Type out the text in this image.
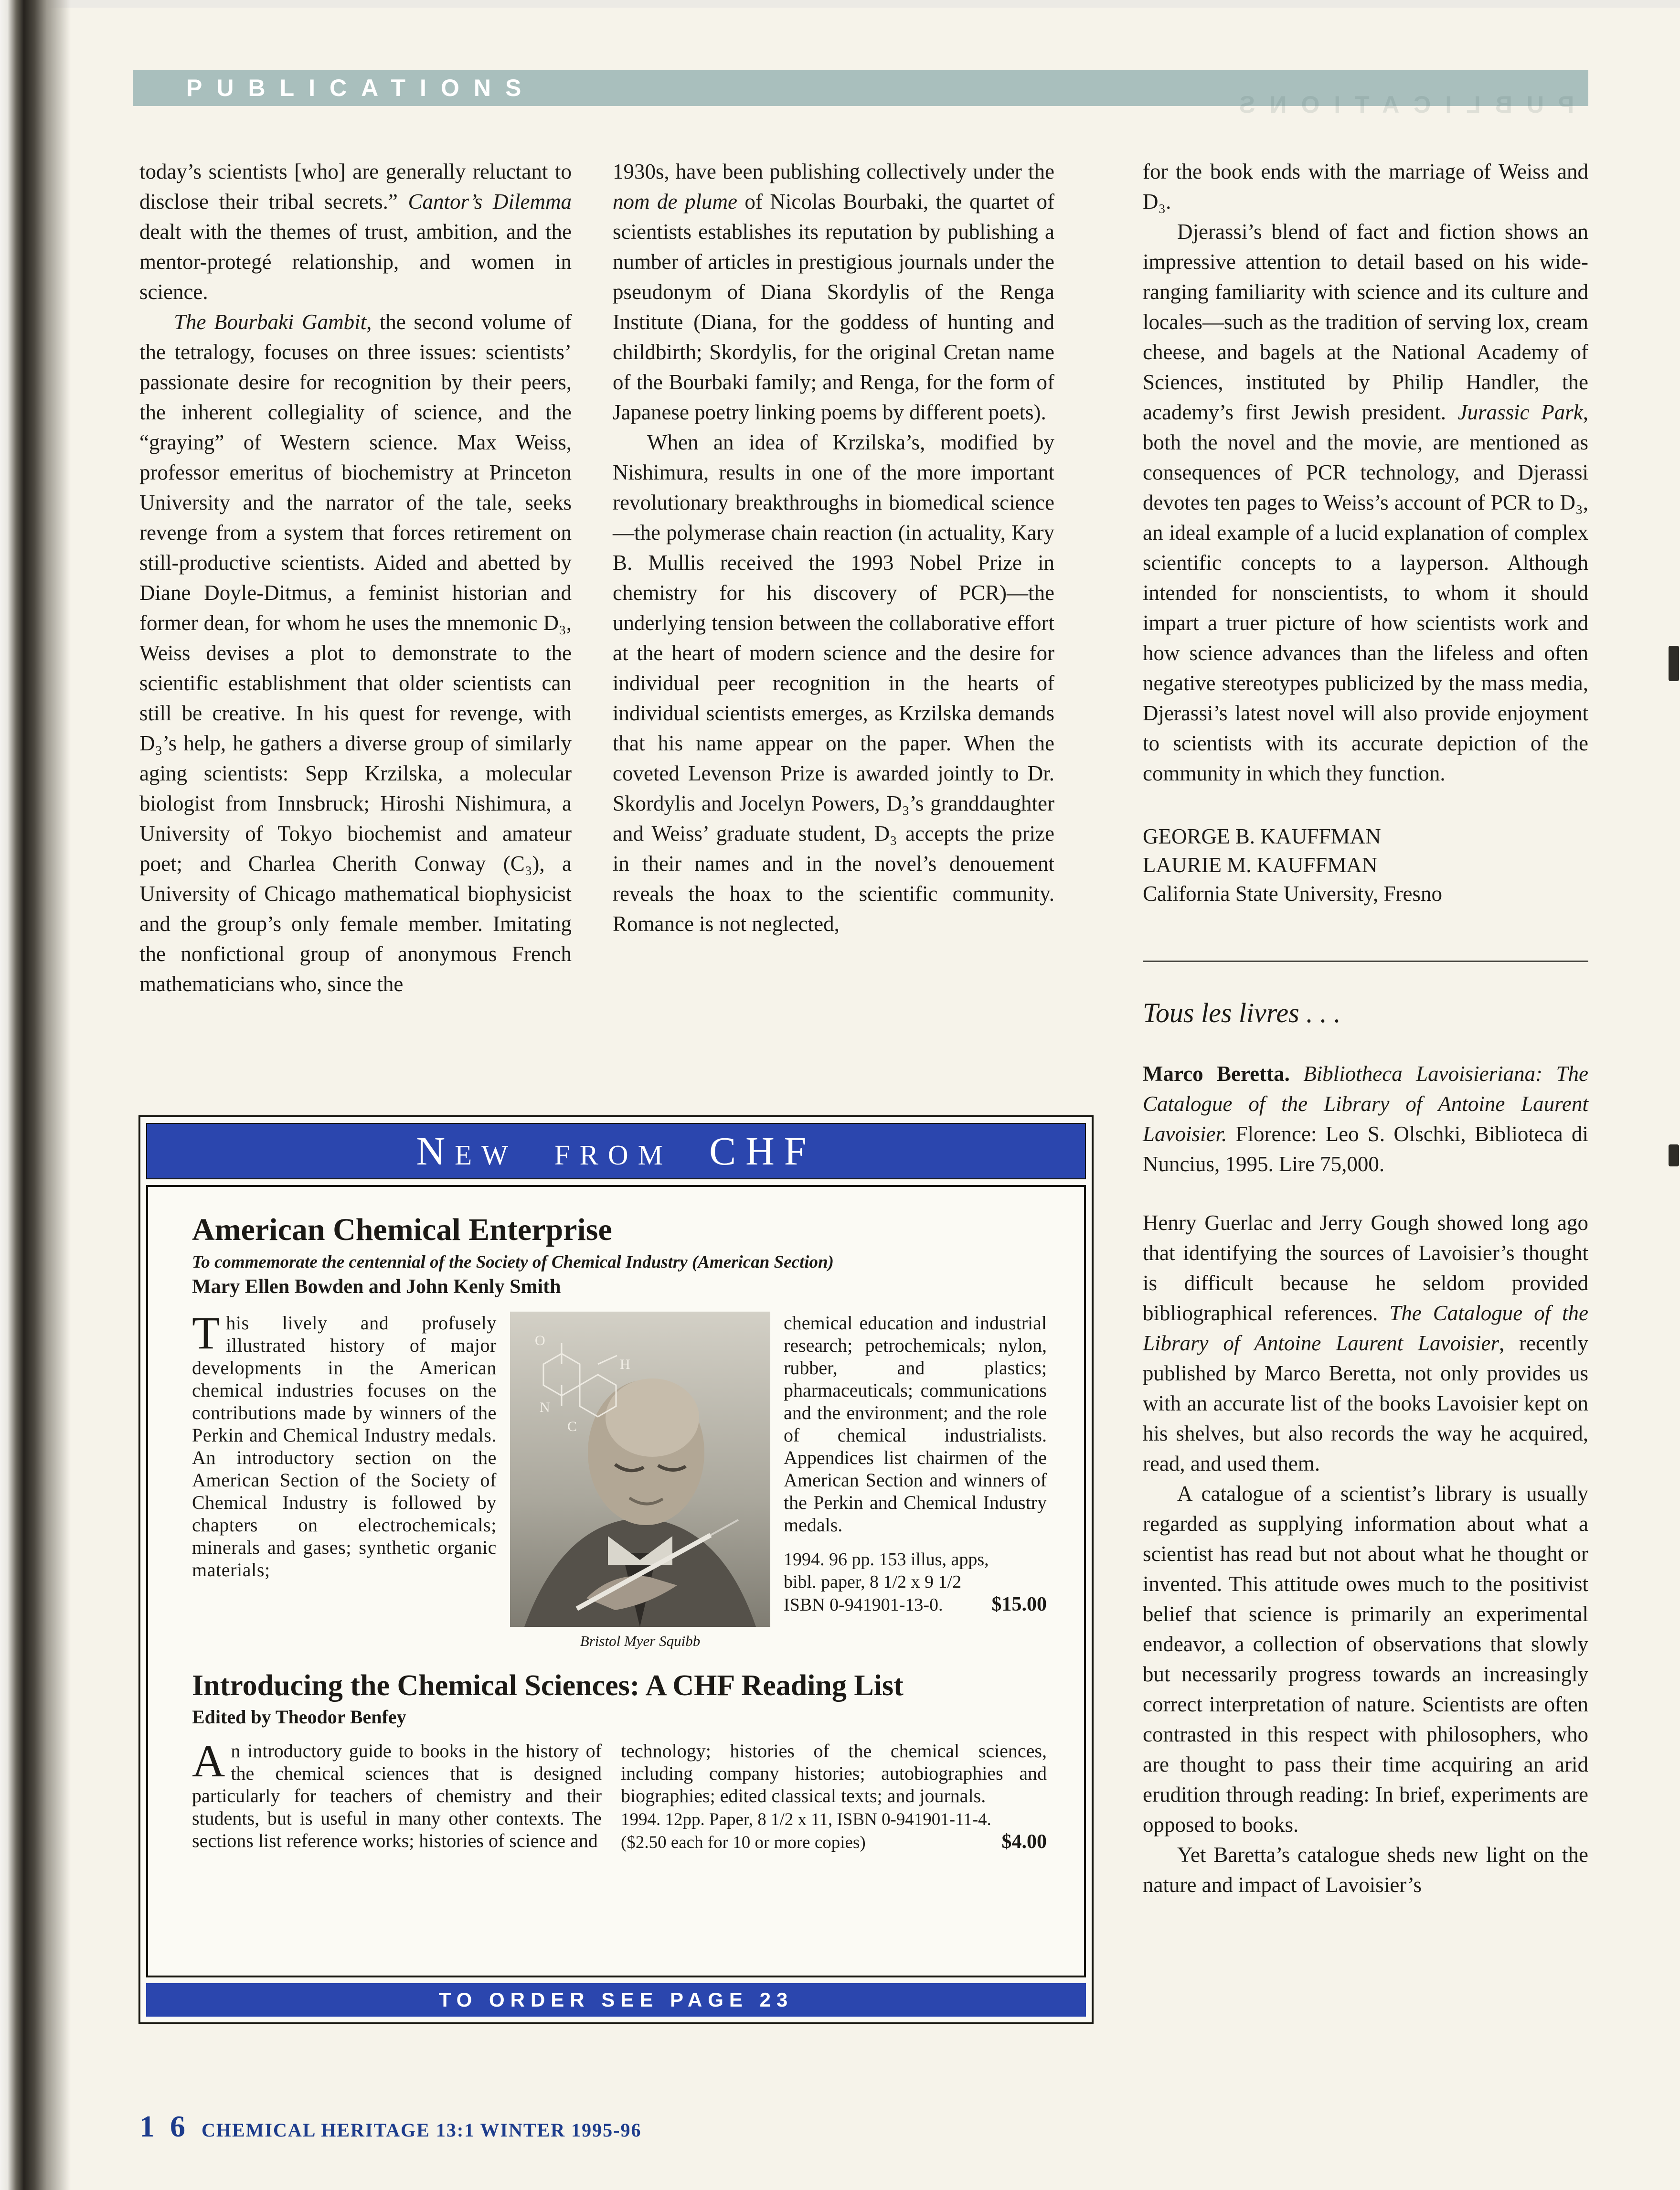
PUBLICATIONS
PUBLICATIONS

today’s scientists [who] are generally reluctant to disclose their tribal secrets.” Cantor’s Dilemma dealt with the themes of trust, ambition, and the mentor-protegé relationship, and women in science.

The Bourbaki Gambit, the second volume of the tetralogy, focuses on three issues: scientists’ passionate desire for recognition by their peers, the inherent collegiality of science, and the “graying” of Western science. Max Weiss, professor emeritus of biochemistry at Princeton University and the narrator of the tale, seeks revenge from a system that forces retirement on still-productive scientists. Aided and abetted by Diane Doyle-Ditmus, a feminist historian and former dean, for whom he uses the mnemonic D₃, Weiss devises a plot to demonstrate to the scientific establishment that older scientists can still be creative. In his quest for revenge, with D₃’s help, he gathers a diverse group of similarly aging scientists: Sepp Krzilska, a molecular biologist from Innsbruck; Hiroshi Nishimura, a University of Tokyo biochemist and amateur poet; and Charlea Cherith Conway (C₃), a University of Chicago mathematical biophysicist and the group’s only female member. Imitating the nonfictional group of anonymous French mathematicians who, since the

1930s, have been publishing collectively under the nom de plume of Nicolas Bourbaki, the quartet of scientists establishes its reputation by publishing a number of articles in prestigious journals under the pseudonym of Diana Skordylis of the Renga Institute (Diana, for the goddess of hunting and childbirth; Skordylis, for the original Cretan name of the Bourbaki family; and Renga, for the form of Japanese poetry linking poems by different poets).

When an idea of Krzilska’s, modified by Nishimura, results in one of the more important revolutionary breakthroughs in biomedical science—the polymerase chain reaction (in actuality, Kary B. Mullis received the 1993 Nobel Prize in chemistry for his discovery of PCR)—the underlying tension between the collaborative effort at the heart of modern science and the desire for individual peer recognition in the hearts of individual scientists emerges, as Krzilska demands that his name appear on the paper. When the coveted Levenson Prize is awarded jointly to Dr. Skordylis and Jocelyn Powers, D₃’s granddaughter and Weiss’ graduate student, D₃ accepts the prize in their names and in the novel’s denouement reveals the hoax to the scientific community. Romance is not neglected,

for the book ends with the marriage of Weiss and D₃.

Djerassi’s blend of fact and fiction shows an impressive attention to detail based on his wide-ranging familiarity with science and its culture and locales—such as the tradition of serving lox, cream cheese, and bagels at the National Academy of Sciences, instituted by Philip Handler, the academy’s first Jewish president. Jurassic Park, both the novel and the movie, are mentioned as consequences of PCR technology, and Djerassi devotes ten pages to Weiss’s account of PCR to D₃, an ideal example of a lucid explanation of complex scientific concepts to a layperson. Although intended for nonscientists, to whom it should impart a truer picture of how scientists work and how science advances than the lifeless and often negative stereotypes publicized by the mass media, Djerassi’s latest novel will also provide enjoyment to scientists with its accurate depiction of the community in which they function.

GEORGE B. KAUFFMAN
LAURIE M. KAUFFMAN
California State University, Fresno
Tous les livres . . .

Marco Beretta. Bibliotheca Lavoisieriana: The Catalogue of the Library of Antoine Laurent Lavoisier. Florence: Leo S. Olschki, Biblioteca di Nuncius, 1995. Lire 75,000.

Henry Guerlac and Jerry Gough showed long ago that identifying the sources of Lavoisier’s thought is difficult because he seldom provided bibliographical references. The Catalogue of the Library of Antoine Laurent Lavoisier, recently published by Marco Beretta, not only provides us with an accurate list of the books Lavoisier kept on his shelves, but also records the way he acquired, read, and used them.

A catalogue of a scientist’s library is usually regarded as supplying information about what a scientist has read but not about what he thought or invented. This attitude owes much to the positivist belief that science is primarily an experimental endeavor, a collection of observations that slowly but necessarily progress towards an increasingly correct interpretation of nature. Scientists are often contrasted in this respect with philosophers, who are thought to pass their time acquiring an arid erudition through reading: In brief, experiments are opposed to books.

Yet Baretta’s catalogue sheds new light on the nature and impact of Lavoisier’s

New from CHF
American Chemical Enterprise
To commemorate the centennial of the Society of Chemical Industry (American Section)
Mary Ellen Bowden and John Kenly Smith

This lively and profusely illustrated history of major developments in the American chemical industries focuses on the contributions made by winners of the Perkin and Chemical Industry medals. An introductory section on the American Section of the Society of Chemical Industry is followed by chapters on electrochemicals; minerals and gases; synthetic organic materials;

O
H
C
N
Bristol Myer Squibb

chemical education and industrial research; petrochemicals; nylon, rubber, and plastics; pharmaceuticals; communications and the environment; and the role of chemical industrialists. Appendices list chairmen of the American Section and winners of the Perkin and Chemical Industry medals.

1994. 96 pp. 153 illus, apps,
bibl. paper, 8 1/2 x 9 1/2
ISBN 0-941901-13-0. $15.00
Introducing the Chemical Sciences: A CHF Reading List
Edited by Theodor Benfey

An introductory guide to books in the history of the chemical sciences that is designed particularly for teachers of chemistry and their students, but is useful in many other contexts. The sections list reference works; histories of science and

technology; histories of the chemical sciences, including company histories; autobiographies and biographies; edited classical texts; and journals.

1994. 12pp. Paper, 8 1/2 x 11, ISBN 0-941901-11-4.
($2.50 each for 10 or more copies)	$4.00
TO ORDER SEE PAGE 23
1 6 CHEMICAL HERITAGE 13:1 WINTER 1995-96
